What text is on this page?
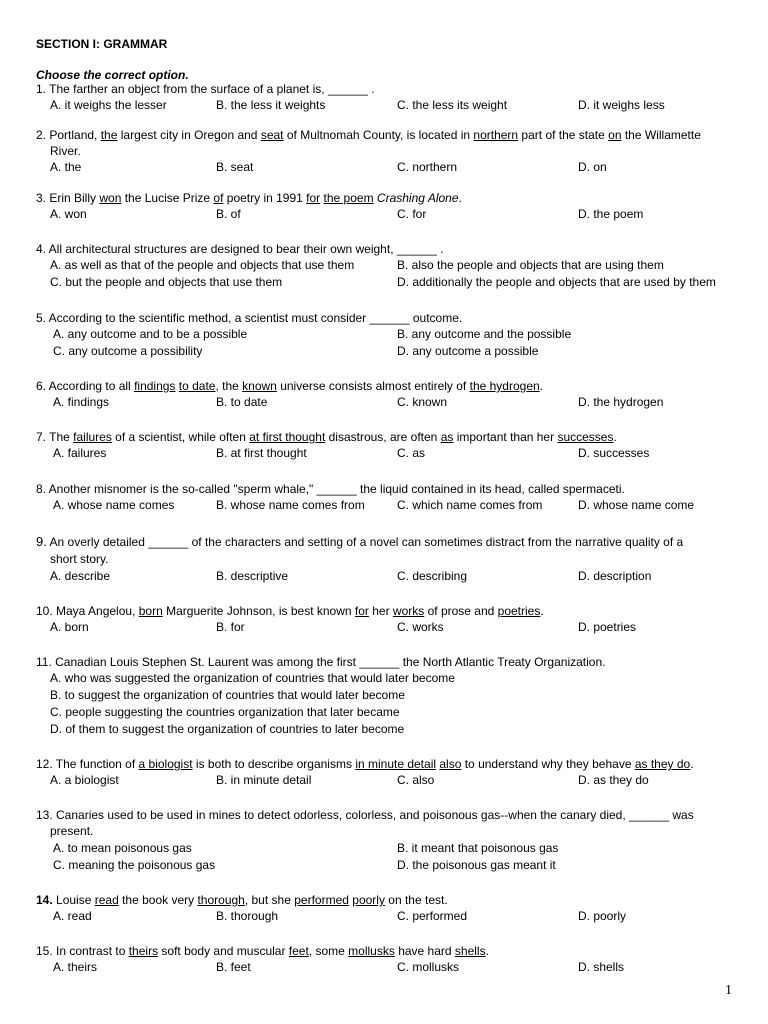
SECTION I: GRAMMAR
Choose the correct option.
1. The farther an object from the surface of a planet is, ______ .
A. it weighs the lesser	B. the less it weights	C. the less its weight	D. it weighs less
2. Portland, the largest city in Oregon and seat of Multnomah County, is located in northern part of the state on the Willamette
River.
A. the	B. seat	C. northern	D. on
3. Erin Billy won the Lucise Prize of poetry in 1991 for the poem Crashing Alone.
A. won	B. of	C. for	D. the poem
4. All architectural structures are designed to bear their own weight, ______ .
A. as well as that of the people and objects that use them	B. also the people and objects that are using them
C. but the people and objects that use them	D. additionally the people and objects that are used by them
5. According to the scientific method, a scientist must consider ______ outcome.
A. any outcome and to be a possible	B. any outcome and the possible
C. any outcome a possibility	D. any outcome a possible
6. According to all findings to date, the known universe consists almost entirely of the hydrogen.
A. findings	B. to date	C. known	D. the hydrogen
7. The failures of a scientist, while often at first thought disastrous, are often as important than her successes.
A. failures	B. at first thought	C. as	D. successes
8. Another misnomer is the so-called "sperm whale," ______ the liquid contained in its head, called spermaceti.
A. whose name comes	B. whose name comes from	C. which name comes from	D. whose name come
9. An overly detailed ______ of the characters and setting of a novel can sometimes distract from the narrative quality of a
short story.
A. describe	B. descriptive	C. describing	D. description
10. Maya Angelou, born Marguerite Johnson, is best known for her works of prose and poetries.
A. born	B. for	C. works	D. poetries
11. Canadian Louis Stephen St. Laurent was among the first ______ the North Atlantic Treaty Organization.
A. who was suggested the organization of countries that would later become
B. to suggest the organization of countries that would later become
C. people suggesting the countries organization that later became
D. of them to suggest the organization of countries to later become
12. The function of a biologist is both to describe organisms in minute detail also to understand why they behave as they do.
A. a biologist	B. in minute detail	C. also	D. as they do
13. Canaries used to be used in mines to detect odorless, colorless, and poisonous gas--when the canary died, ______ was
present.
A. to mean poisonous gas	B. it meant that poisonous gas
C. meaning the poisonous gas	D. the poisonous gas meant it
14. Louise read the book very thorough, but she performed poorly on the test.
A. read	B. thorough	C. performed	D. poorly
15. In contrast to theirs soft body and muscular feet, some mollusks have hard shells.
A. theirs	B. feet	C. mollusks	D. shells
1
